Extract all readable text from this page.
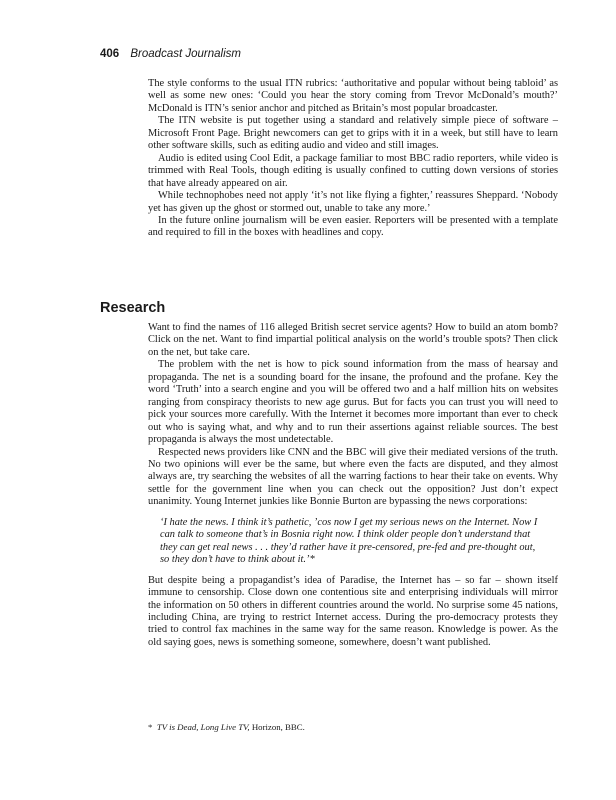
406 Broadcast Journalism

The style conforms to the usual ITN rubrics: ‘authoritative and popular without being tabloid’ as well as some new ones: ‘Could you hear the story coming from Trevor McDonald’s mouth?’ McDonald is ITN’s senior anchor and pitched as Britain’s most popular broadcaster.

The ITN website is put together using a standard and relatively simple piece of software – Microsoft Front Page. Bright newcomers can get to grips with it in a week, but still have to learn other software skills, such as editing audio and video and still images.

Audio is edited using Cool Edit, a package familiar to most BBC radio reporters, while video is trimmed with Real Tools, though editing is usually confined to cutting down versions of stories that have already appeared on air.

While technophobes need not apply ‘it’s not like flying a fighter,’ reassures Sheppard. ‘Nobody yet has given up the ghost or stormed out, unable to take any more.’

In the future online journalism will be even easier. Reporters will be presented with a template and required to fill in the boxes with headlines and copy.

Research

Want to find the names of 116 alleged British secret service agents? How to build an atom bomb? Click on the net. Want to find impartial political analysis on the world’s trouble spots? Then click on the net, but take care.

The problem with the net is how to pick sound information from the mass of hearsay and propaganda. The net is a sounding board for the insane, the profound and the profane. Key the word ‘Truth’ into a search engine and you will be offered two and a half million hits on websites ranging from conspiracy theorists to new age gurus. But for facts you can trust you will need to pick your sources more carefully. With the Internet it becomes more important than ever to check out who is saying what, and why and to run their assertions against reliable sources. The best propaganda is always the most undetectable.

Respected news providers like CNN and the BBC will give their mediated versions of the truth. No two opinions will ever be the same, but where even the facts are disputed, and they almost always are, try searching the websites of all the warring factions to hear their take on events. Why settle for the government line when you can check out the opposition? Just don’t expect unanimity. Young Internet junkies like Bonnie Burton are bypassing the news corporations:

‘I hate the news. I think it’s pathetic, ’cos now I get my serious news on the Internet. Now I can talk to someone that’s in Bosnia right now. I think older people don’t understand that they can get real news . . . they’d rather have it pre-censored, pre-fed and pre-thought out, so they don’t have to think about it.’*

But despite being a propagandist’s idea of Paradise, the Internet has – so far – shown itself immune to censorship. Close down one contentious site and enterprising individuals will mirror the information on 50 others in different countries around the world. No surprise some 45 nations, including China, are trying to restrict Internet access. During the pro-democracy protests they tried to control fax machines in the same way for the same reason. Knowledge is power. As the old saying goes, news is something someone, somewhere, doesn’t want published.

* TV is Dead, Long Live TV, Horizon, BBC.
